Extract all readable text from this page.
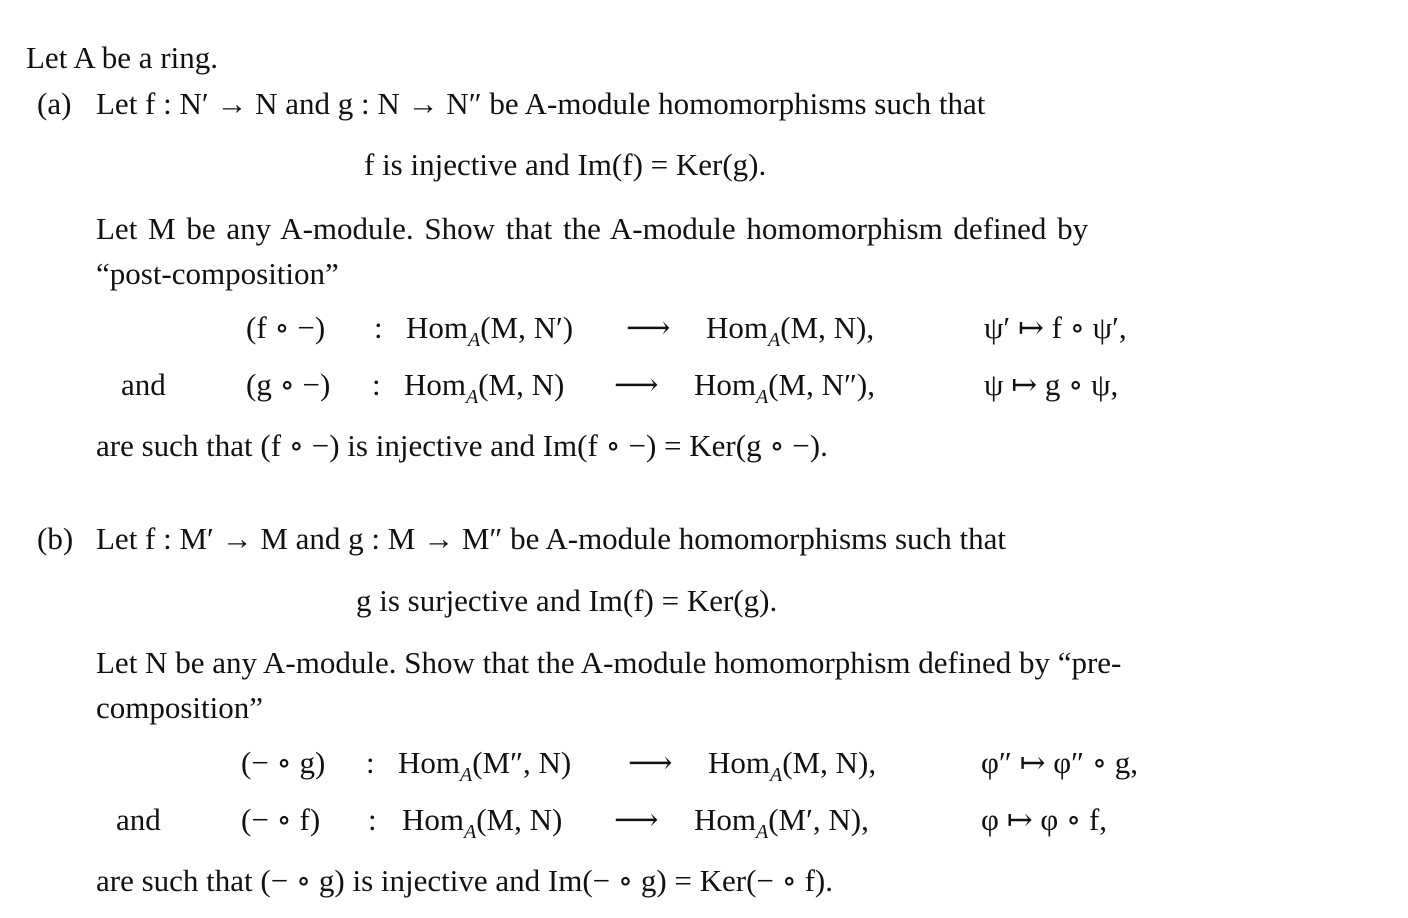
Let A be a ring.
(a) Let f : N′ → N and g : N → N″ be A-module homomorphisms such that
f is injective and Im(f) = Ker(g).
Let M be any A-module. Show that the A-module homomorphism defined by
“post-composition”
(f ∘ −) : Hom$_A$(M, N′) ⟶ Hom$_A$(M, N),	ψ′ ↦ f ∘ ψ′,
and	(g ∘ −) : Hom$_A$(M, N) ⟶ Hom$_A$(M, N″),	ψ ↦ g ∘ ψ,
are such that (f ∘ −) is injective and Im(f ∘ −) = Ker(g ∘ −).
(b) Let f : M′ → M and g : M → M″ be A-module homomorphisms such that
g is surjective and Im(f) = Ker(g).
Let N be any A-module. Show that the A-module homomorphism defined by “pre-
composition”
(− ∘ g) : Hom$_A$(M″, N) ⟶ Hom$_A$(M, N),	φ″ ↦ φ″ ∘ g,
and	(− ∘ f) : Hom$_A$(M, N) ⟶ Hom$_A$(M′, N),	φ ↦ φ ∘ f,
are such that (− ∘ g) is injective and Im(− ∘ g) = Ker(− ∘ f).
